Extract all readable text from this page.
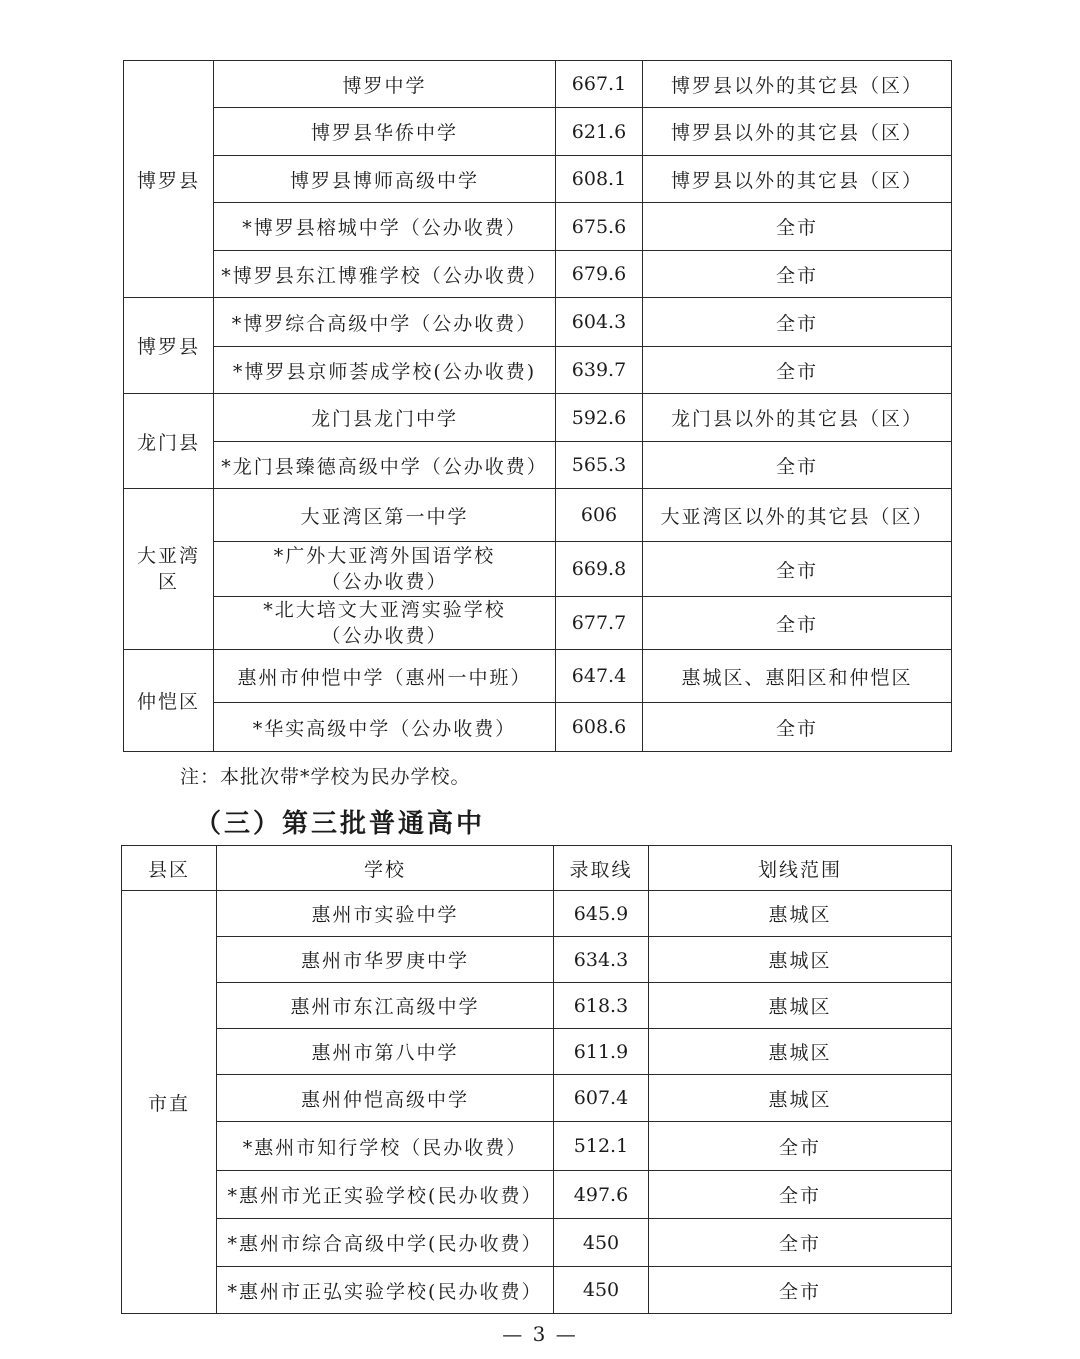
博罗县	博罗中学	667.1	博罗县以外的其它县（区）
	博罗县华侨中学	621.6	博罗县以外的其它县（区）
	博罗县博师高级中学	608.1	博罗县以外的其它县（区）
	*博罗县榕城中学（公办收费）	675.6	全市
	*博罗县东江博雅学校（公办收费）	679.6	全市
博罗县	*博罗综合高级中学（公办收费）	604.3	全市
	*博罗县京师荟成学校(公办收费)	639.7	全市
龙门县	龙门县龙门中学	592.6	龙门县以外的其它县（区）
	*龙门县臻德高级中学（公办收费）	565.3	全市

大亚湾
区	大亚湾区第一中学	606	大亚湾区以外的其它县（区）

	*广外大亚湾外国语学校
（公办收费）	669.8	全市

	*北大培文大亚湾实验学校
（公办收费）	677.7	全市
仲恺区	惠州市仲恺中学（惠州一中班）	647.4	惠城区、惠阳区和仲恺区
	*华实高级中学（公办收费）	608.6	全市
注：本批次带*学校为民办学校。
（三）第三批普通高中
县区	学校	录取线	划线范围
市直	惠州市实验中学	645.9	惠城区
	惠州市华罗庚中学	634.3	惠城区
	惠州市东江高级中学	618.3	惠城区
	惠州市第八中学	611.9	惠城区
	惠州仲恺高级中学	607.4	惠城区
	*惠州市知行学校（民办收费）	512.1	全市
	*惠州市光正实验学校(民办收费）	497.6	全市
	*惠州市综合高级中学(民办收费）	450	全市
	*惠州市正弘实验学校(民办收费）	450	全市
— 3 —
